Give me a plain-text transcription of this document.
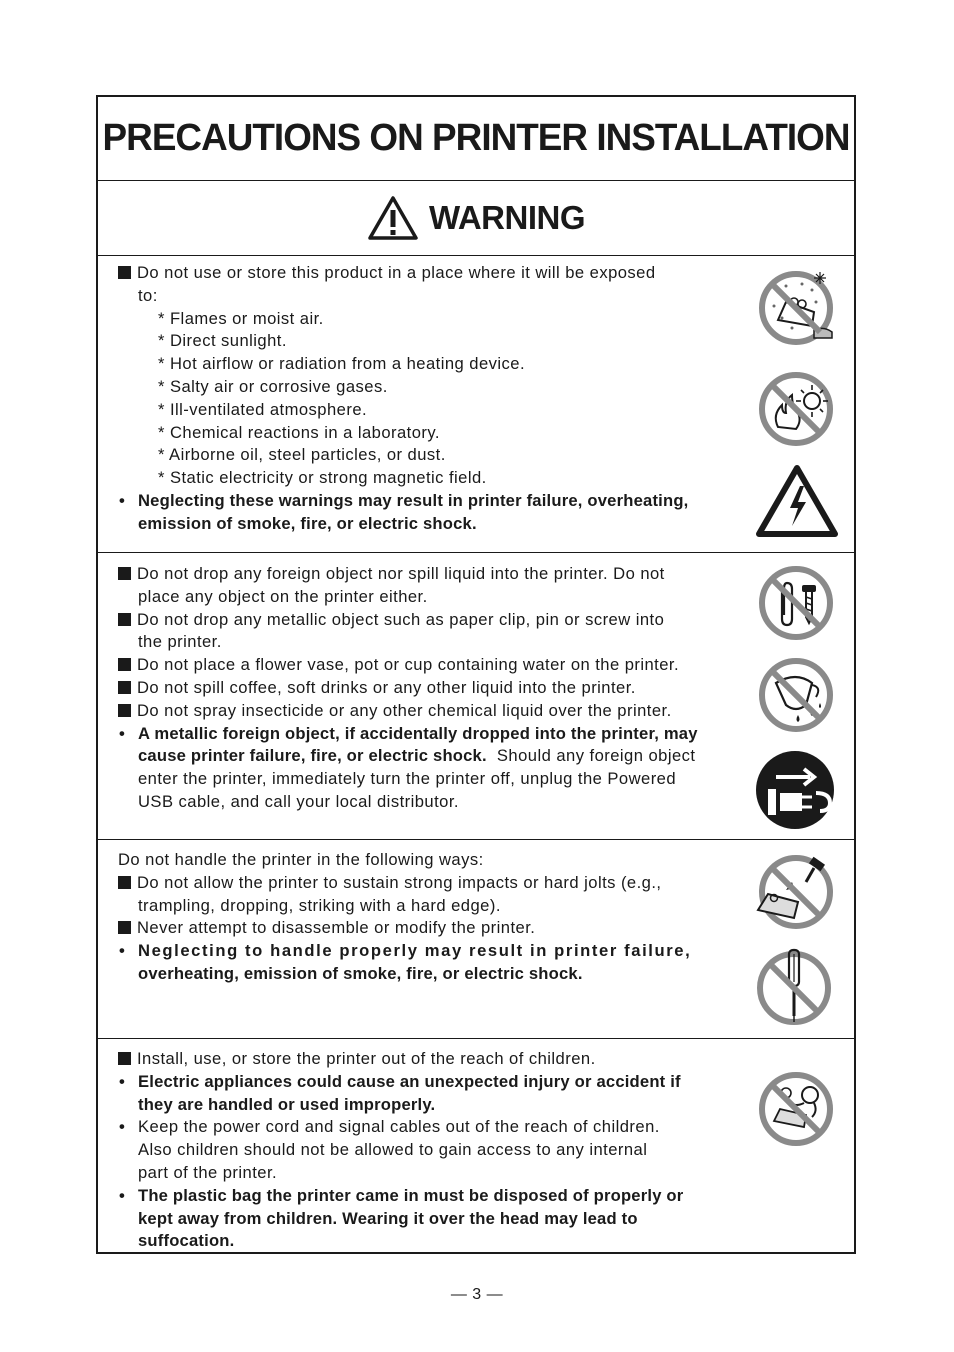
PRECAUTIONS ON PRINTER INSTALLATION
WARNING
Do not use or store this product in a place where it will be exposed
to:
* Flames or moist air.
* Direct sunlight.
* Hot airflow or radiation from a heating device.
* Salty air or corrosive gases.
* Ill-ventilated atmosphere.
* Chemical reactions in a laboratory.
* Airborne oil, steel particles, or dust.
* Static electricity or strong magnetic field.
• Neglecting these warnings may result in printer failure, overheating,
emission of smoke, fire, or electric shock.
Do not drop any foreign object nor spill liquid into the printer. Do not
place any object on the printer either.
Do not drop any metallic object such as paper clip, pin or screw into
the printer.
Do not place a flower vase, pot or cup containing water on the printer.
Do not spill coffee, soft drinks or any other liquid into the printer.
Do not spray insecticide or any other chemical liquid over the printer.
• A metallic foreign object, if accidentally dropped into the printer, may
cause printer failure, fire, or electric shock.  Should any foreign object
enter the printer, immediately turn the printer off, unplug the Powered
USB cable, and call your local distributor.
Do not handle the printer in the following ways:
Do not allow the printer to sustain strong impacts or hard jolts (e.g.,
trampling, dropping, striking with a hard edge).
Never attempt to disassemble or modify the printer.
• Neglecting to handle properly may result in printer failure,
overheating, emission of smoke, fire, or electric shock.
Install, use, or store the printer out of the reach of children.
• Electric appliances could cause an unexpected injury or accident if
they are handled or used improperly.
• Keep the power cord and signal cables out of the reach of children.
Also children should not be allowed to gain access to any internal
part of the printer.
• The plastic bag the printer came in must be disposed of properly or
kept away from children. Wearing it over the head may lead to
suffocation.
— 3 —
